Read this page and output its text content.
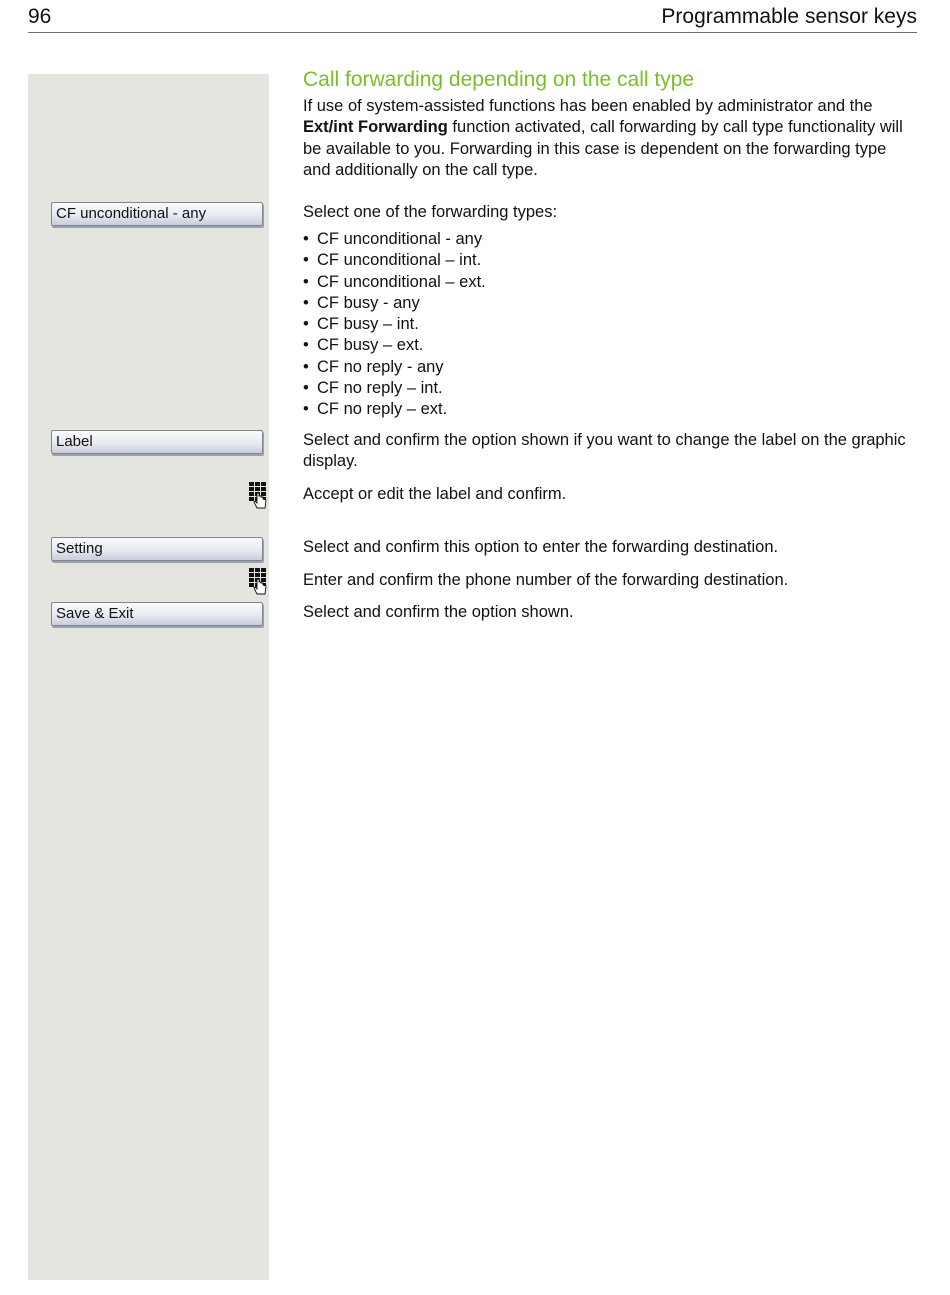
96	Programmable sensor keys
Call forwarding depending on the call type

If use of system-assisted functions has been enabled by administrator and the Ext/int Forwarding function activated, call forwarding by call type functionality will be available to you. Forwarding in this case is dependent on the forwarding type and additionally on the call type.

CF unconditional - any	Select one of the forwarding types:
• CF unconditional - any
• CF unconditional – int.
• CF unconditional – ext.
• CF busy - any
• CF busy – int.
• CF busy – ext.
• CF no reply - any
• CF no reply – int.
• CF no reply – ext.
Label	Select and confirm the option shown if you want to change the label on the graphic display.
Accept or edit the label and confirm.
Setting	Select and confirm this option to enter the forwarding destination.
Enter and confirm the phone number of the forwarding destination.
Save & Exit	Select and confirm the option shown.
